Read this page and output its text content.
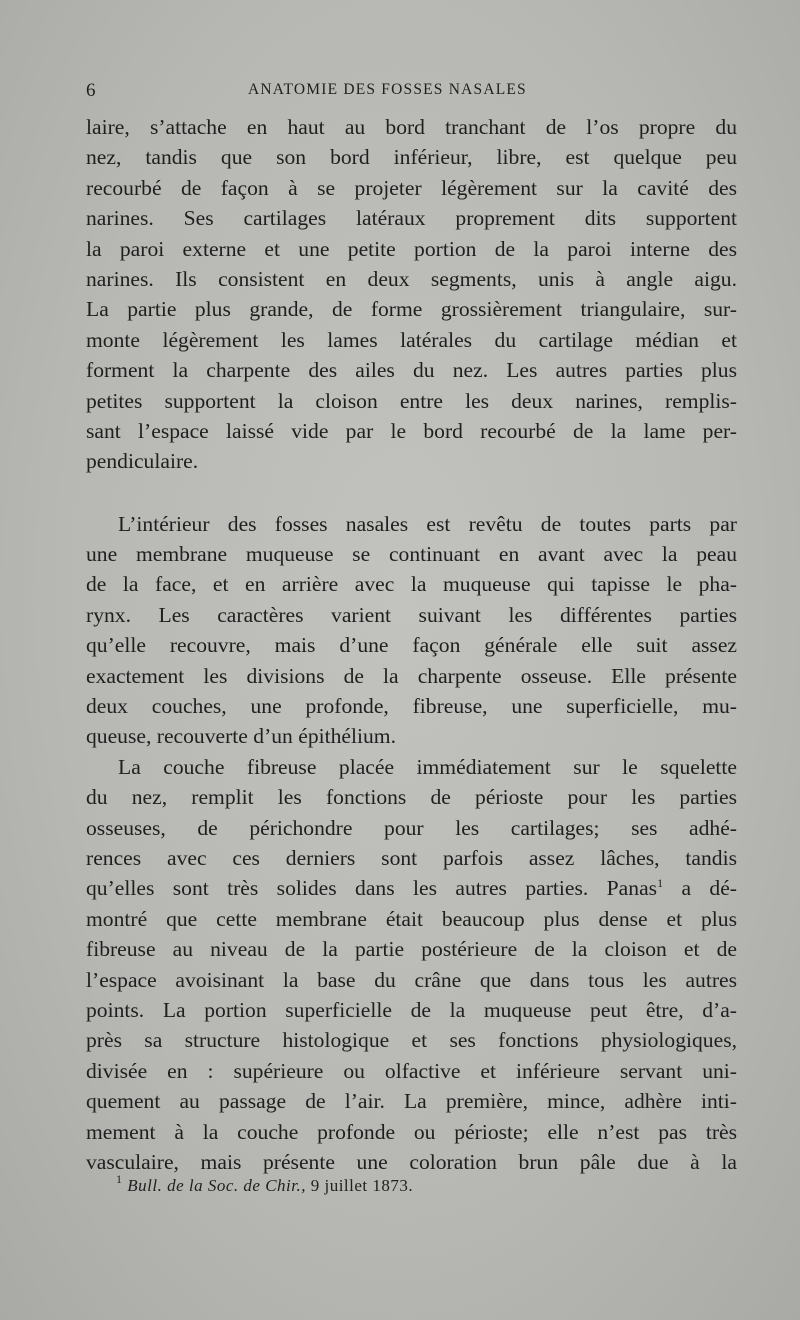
6	ANATOMIE DES FOSSES NASALES
laire, s’attache en haut au bord tranchant de l’os propre du
nez, tandis que son bord inférieur, libre, est quelque peu
recourbé de façon à se projeter légèrement sur la cavité des
narines. Ses cartilages latéraux proprement dits supportent
la paroi externe et une petite portion de la paroi interne des
narines. Ils consistent en deux segments, unis à angle aigu.
La partie plus grande, de forme grossièrement triangulaire, sur-
monte légèrement les lames latérales du cartilage médian et
forment la charpente des ailes du nez. Les autres parties plus
petites supportent la cloison entre les deux narines, remplis-
sant l’espace laissé vide par le bord recourbé de la lame per-
pendiculaire.
L’intérieur des fosses nasales est revêtu de toutes parts par
une membrane muqueuse se continuant en avant avec la peau
de la face, et en arrière avec la muqueuse qui tapisse le pha-
rynx. Les caractères varient suivant les différentes parties
qu’elle recouvre, mais d’une façon générale elle suit assez
exactement les divisions de la charpente osseuse. Elle présente
deux couches, une profonde, fibreuse, une superficielle, mu-
queuse, recouverte d’un épithélium.
La couche fibreuse placée immédiatement sur le squelette
du nez, remplit les fonctions de périoste pour les parties
osseuses, de périchondre pour les cartilages; ses adhé-
rences avec ces derniers sont parfois assez lâches, tandis
qu’elles sont très solides dans les autres parties. Panas$^1$ a dé-
montré que cette membrane était beaucoup plus dense et plus
fibreuse au niveau de la partie postérieure de la cloison et de
l’espace avoisinant la base du crâne que dans tous les autres
points. La portion superficielle de la muqueuse peut être, d’a-
près sa structure histologique et ses fonctions physiologiques,
divisée en : supérieure ou olfactive et inférieure servant uni-
quement au passage de l’air. La première, mince, adhère inti-
mement à la couche profonde ou périoste; elle n’est pas très
vasculaire, mais présente une coloration brun pâle due à la
$^1$ Bull. de la Soc. de Chir., 9 juillet 1873.
